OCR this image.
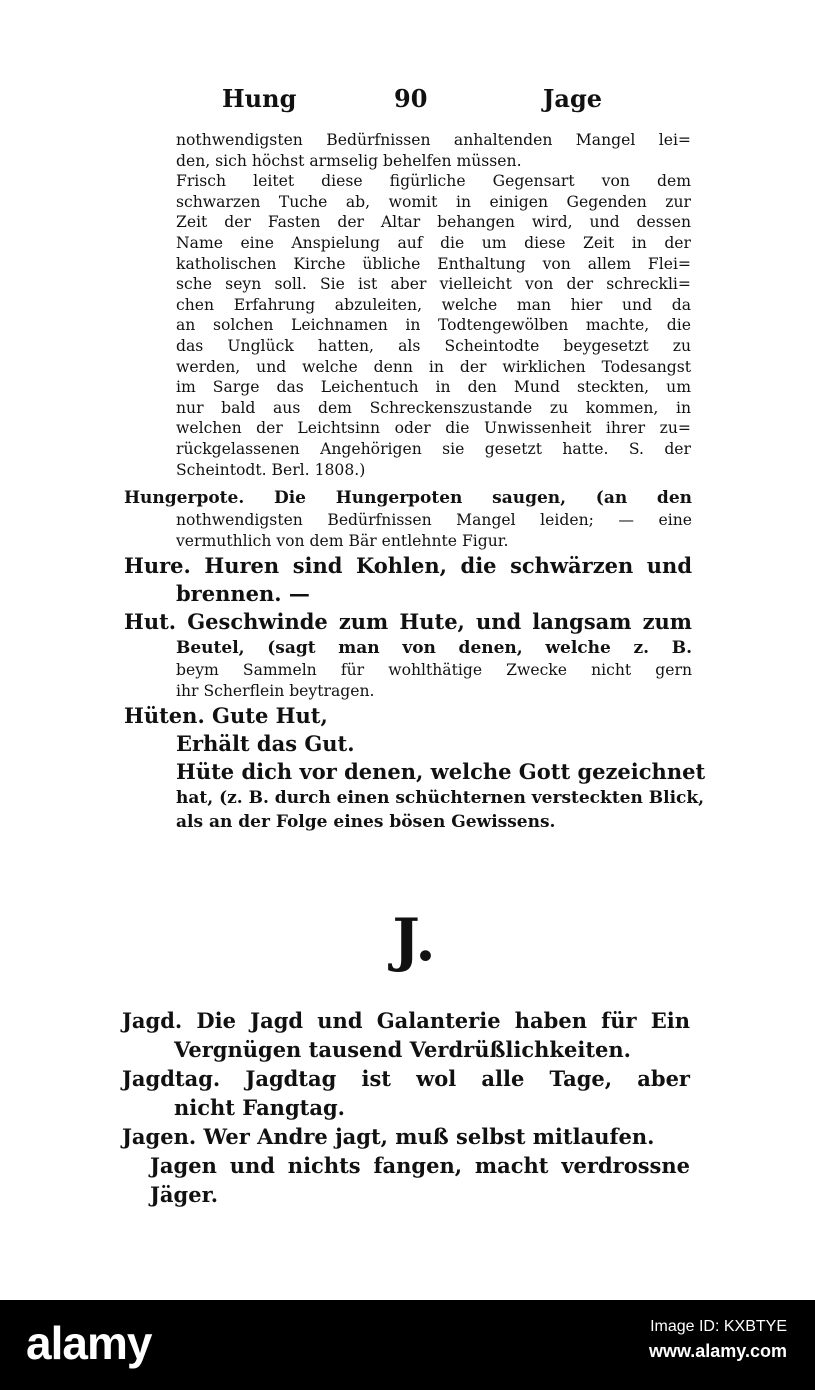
Hung	90	Jage
nothwendigsten Bedürfnissen anhaltenden Mangel lei=
den, sich höchst armselig behelfen müssen.
Frisch leitet diese figürliche Gegensart von dem
schwarzen Tuche ab, womit in einigen Gegenden zur
Zeit der Fasten der Altar behangen wird, und dessen
Name eine Anspielung auf die um diese Zeit in der
katholischen Kirche übliche Enthaltung von allem Flei=
sche seyn soll. Sie ist aber vielleicht von der schreckli=
chen Erfahrung abzuleiten, welche man hier und da
an solchen Leichnamen in Todtengewölben machte, die
das Unglück hatten, als Scheintodte beygesetzt zu
werden, und welche denn in der wirklichen Todesangst
im Sarge das Leichentuch in den Mund steckten, um
nur bald aus dem Schreckenszustande zu kommen, in
welchen der Leichtsinn oder die Unwissenheit ihrer zu=
rückgelassenen Angehörigen sie gesetzt hatte. S. der
Scheintodt. Berl. 1808.)
Hungerpote. Die Hungerpoten saugen, (an den
nothwendigsten Bedürfnissen Mangel leiden; — eine
vermuthlich von dem Bär entlehnte Figur.
Hure. Huren sind Kohlen, die schwärzen und
brennen. —
Hut. Geschwinde zum Hute, und langsam zum
Beutel, (sagt man von denen, welche z. B.
beym Sammeln für wohlthätige Zwecke nicht gern
ihr Scherflein beytragen.
Hüten. Gute Hut,
Erhält das Gut.
Hüte dich vor denen, welche Gott gezeichnet
hat, (z. B. durch einen schüchternen versteckten Blick,
als an der Folge eines bösen Gewissens.
J.
Jagd. Die Jagd und Galanterie haben für Ein
Vergnügen tausend Verdrüßlichkeiten.
Jagdtag. Jagdtag ist wol alle Tage, aber
nicht Fangtag.
Jagen. Wer Andre jagt, muß selbst mitlaufen.
Jagen und nichts fangen, macht verdrossne
Jäger.
alamy	Image ID: KXBTYE
www.alamy.com
